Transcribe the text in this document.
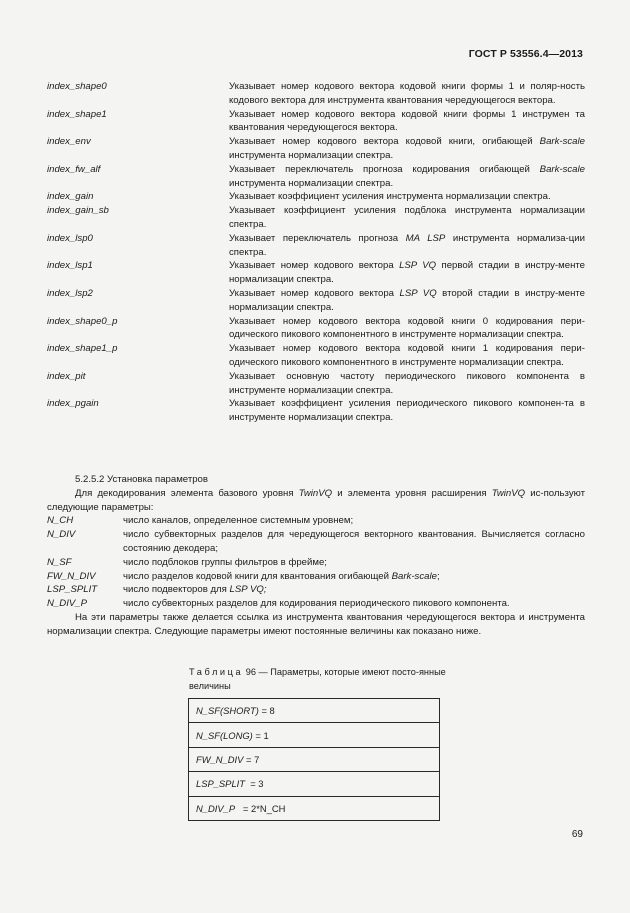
ГОСТ Р 53556.4—2013
index_shape0	Указывает номер кодового вектора кодовой книги формы 1 и поляр-ность кодового вектора для инструмента квантования чередующегося вектора.
index_shape1	Указывает номер кодового вектора кодовой книги формы 1 инструмен та квантования чередующегося вектора.
index_env	Указывает номер кодового вектора кодовой книги, огибающей Bark-scale инструмента нормализации спектра.
index_fw_alf	Указывает переключатель прогноза кодирования огибающей Bark-scale инструмента нормализации спектра.
index_gain	Указывает коэффициент усиления инструмента нормализации спектра.
index_gain_sb	Указывает коэффициент усиления подблока инструмента нормализации спектра.
index_lsp0	Указывает переключатель прогноза MA LSP инструмента нормализа-ции спектра.
index_lsp1	Указывает номер кодового вектора LSP VQ первой стадии в инстру-менте нормализации спектра.
index_lsp2	Указывает номер кодового вектора LSP VQ второй стадии в инстру-менте нормализации спектра.
index_shape0_p	Указывает номер кодового вектора кодовой книги 0 кодирования пери-одического пикового компонентного в инструменте нормализации спектра.
index_shape1_p	Указывает номер кодового вектора кодовой книги 1 кодирования пери-одического пикового компонентного в инструменте нормализации спектра.
index_pit	Указывает основную частоту периодического пикового компонента в инструменте нормализации спектра.
index_pgain	Указывает коэффициент усиления периодического пикового компонен-та в инструменте нормализации спектра.

5.2.5.2 Установка параметров

Для декодирования элемента базового уровня TwinVQ и элемента уровня расширения TwinVQ ис-пользуют следующие параметры:

N_CH	число каналов, определенное системным уровнем;
N_DIV	число субвекторных разделов для чередующегося векторного квантования. Вычисляется согласно состоянию декодера;
N_SF	число подблоков группы фильтров в фрейме;
FW_N_DIV	число разделов кодовой книги для квантования огибающей Bark-scale;
LSP_SPLIT	число подвекторов для LSP VQ;
N_DIV_P	число субвекторных разделов для кодирования периодического пикового компонента.

На эти параметры также делается ссылка из инструмента квантования чередующегося вектора и инструмента нормализации спектра. Следующие параметры имеют постоянные величины как показано ниже.

Таблица 96 — Параметры, которые имеют посто-янные величины
N_SF(SHORT) = 8
N_SF(LONG) = 1
FW_N_DIV = 7
LSP_SPLIT  = 3
N_DIV_P   = 2*N_CH
69
